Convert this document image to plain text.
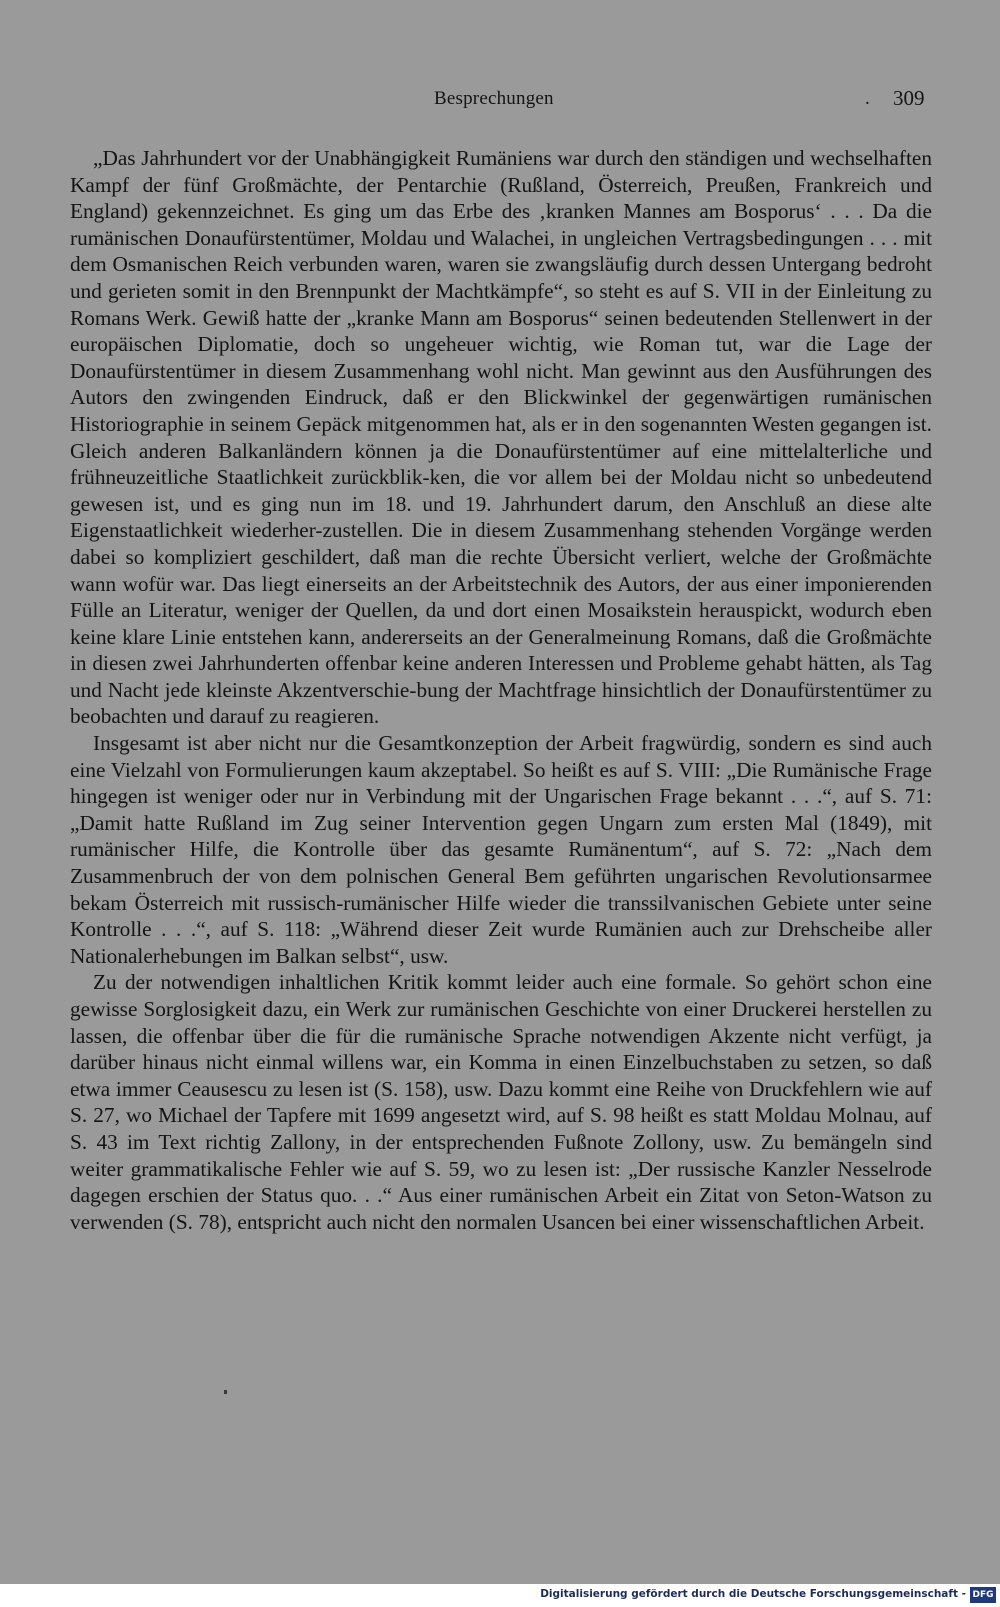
Besprechungen	. 309

„Das Jahrhundert vor der Unabhängigkeit Rumäniens war durch den ständigen und wechselhaften Kampf der fünf Großmächte, der Pentarchie (Rußland, Österreich, Preußen, Frankreich und England) gekennzeichnet. Es ging um das Erbe des ‚kranken Mannes am Bosporus‘ . . . Da die rumänischen Donaufürstentümer, Moldau und Walachei, in ungleichen Vertragsbedingungen . . . mit dem Osmanischen Reich verbunden waren, waren sie zwangsläufig durch dessen Untergang bedroht und gerieten somit in den Brennpunkt der Machtkämpfe“, so steht es auf S. VII in der Einleitung zu Romans Werk. Gewiß hatte der „kranke Mann am Bosporus“ seinen bedeutenden Stellenwert in der europäischen Diplomatie, doch so ungeheuer wichtig, wie Roman tut, war die Lage der Donaufürstentümer in diesem Zusammenhang wohl nicht. Man gewinnt aus den Ausführungen des Autors den zwingenden Eindruck, daß er den Blickwinkel der gegenwärtigen rumänischen Historiographie in seinem Gepäck mitgenommen hat, als er in den sogenannten Westen gegangen ist. Gleich anderen Balkanländern können ja die Donaufürstentümer auf eine mittelalterliche und frühneuzeitliche Staatlichkeit zurückblik-ken, die vor allem bei der Moldau nicht so unbedeutend gewesen ist, und es ging nun im 18. und 19. Jahrhundert darum, den Anschluß an diese alte Eigenstaatlichkeit wiederher-zustellen. Die in diesem Zusammenhang stehenden Vorgänge werden dabei so kompliziert geschildert, daß man die rechte Übersicht verliert, welche der Großmächte wann wofür war. Das liegt einerseits an der Arbeitstechnik des Autors, der aus einer imponierenden Fülle an Literatur, weniger der Quellen, da und dort einen Mosaikstein herauspickt, wodurch eben keine klare Linie entstehen kann, andererseits an der Generalmeinung Romans, daß die Großmächte in diesen zwei Jahrhunderten offenbar keine anderen Interessen und Probleme gehabt hätten, als Tag und Nacht jede kleinste Akzentverschie-bung der Machtfrage hinsichtlich der Donaufürstentümer zu beobachten und darauf zu reagieren.

Insgesamt ist aber nicht nur die Gesamtkonzeption der Arbeit fragwürdig, sondern es sind auch eine Vielzahl von Formulierungen kaum akzeptabel. So heißt es auf S. VIII: „Die Rumänische Frage hingegen ist weniger oder nur in Verbindung mit der Ungarischen Frage bekannt . . .“, auf S. 71: „Damit hatte Rußland im Zug seiner Intervention gegen Ungarn zum ersten Mal (1849), mit rumänischer Hilfe, die Kontrolle über das gesamte Rumänentum“, auf S. 72: „Nach dem Zusammenbruch der von dem polnischen General Bem geführten ungarischen Revolutionsarmee bekam Österreich mit russisch-rumänischer Hilfe wieder die transsilvanischen Gebiete unter seine Kontrolle . . .“, auf S. 118: „Während dieser Zeit wurde Rumänien auch zur Drehscheibe aller Nationalerhebungen im Balkan selbst“, usw.

Zu der notwendigen inhaltlichen Kritik kommt leider auch eine formale. So gehört schon eine gewisse Sorglosigkeit dazu, ein Werk zur rumänischen Geschichte von einer Druckerei herstellen zu lassen, die offenbar über die für die rumänische Sprache notwendigen Akzente nicht verfügt, ja darüber hinaus nicht einmal willens war, ein Komma in einen Einzelbuchstaben zu setzen, so daß etwa immer Ceausescu zu lesen ist (S. 158), usw. Dazu kommt eine Reihe von Druckfehlern wie auf S. 27, wo Michael der Tapfere mit 1699 angesetzt wird, auf S. 98 heißt es statt Moldau Molnau, auf S. 43 im Text richtig Zallony, in der entsprechenden Fußnote Zollony, usw. Zu bemängeln sind weiter grammatikalische Fehler wie auf S. 59, wo zu lesen ist: „Der russische Kanzler Nesselrode dagegen erschien der Status quo. . .“ Aus einer rumänischen Arbeit ein Zitat von Seton-Watson zu verwenden (S. 78), entspricht auch nicht den normalen Usancen bei einer wissenschaftlichen Arbeit.

Digitalisierung gefördert durch die Deutsche Forschungsgemeinschaft - DFG
